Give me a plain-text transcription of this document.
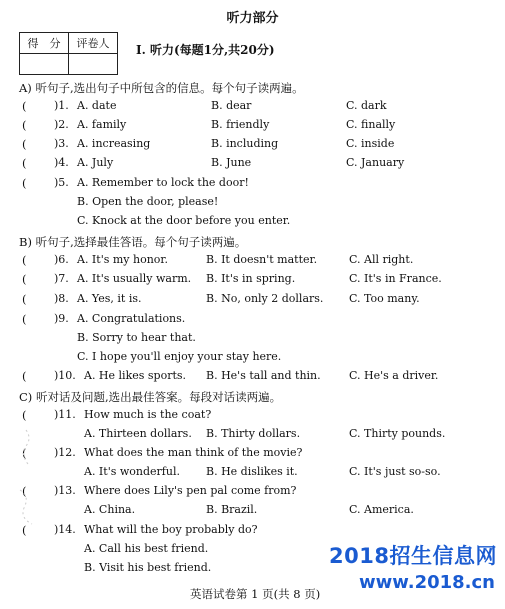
听力部分
得　分	评卷人
	Ⅰ. 听力(每题1分,共20分)
A) 听句子,选出句子中所包含的信息。每个句子读两遍。
(	)1. A. date	B. dear	C. dark
(	)2. A. family	B. friendly	C. finally
(	)3. A. increasing	B. including	C. inside
(	)4. A. July	B. June	C. January
(	)5. A. Remember to lock the door!
B. Open the door, please!
C. Knock at the door before you enter.
B) 听句子,选择最佳答语。每个句子读两遍。
(	)6. A. It's my honor.	B. It doesn't matter.	C. All right.
(	)7. A. It's usually warm. B. It's in spring.	C. It's in France.
(	)8. A. Yes, it is.	B. No, only 2 dollars. C. Too many.
(	)9. A. Congratulations.
B. Sorry to hear that.
C. I hope you'll enjoy your stay here.
(	)10. A. He likes sports. B. He's tall and thin.	C. He's a driver.
C) 听对话及问题,选出最佳答案。每段对话读两遍。
(	)11. How much is the coat?
A. Thirteen dollars. B. Thirty dollars.	C. Thirty pounds.
(	)12. What does the man think of the movie?
A. It's wonderful. B. He dislikes it.	C. It's just so-so.
(	)13. Where does Lily's pen pal come from?
A. China.	B. Brazil.	C. America.
(	)14. What will the boy probably do?
A. Call his best friend.
B. Visit his best friend.	2018招生信息网
www.2018.cn
英语试卷第 1 页(共 8 页)
